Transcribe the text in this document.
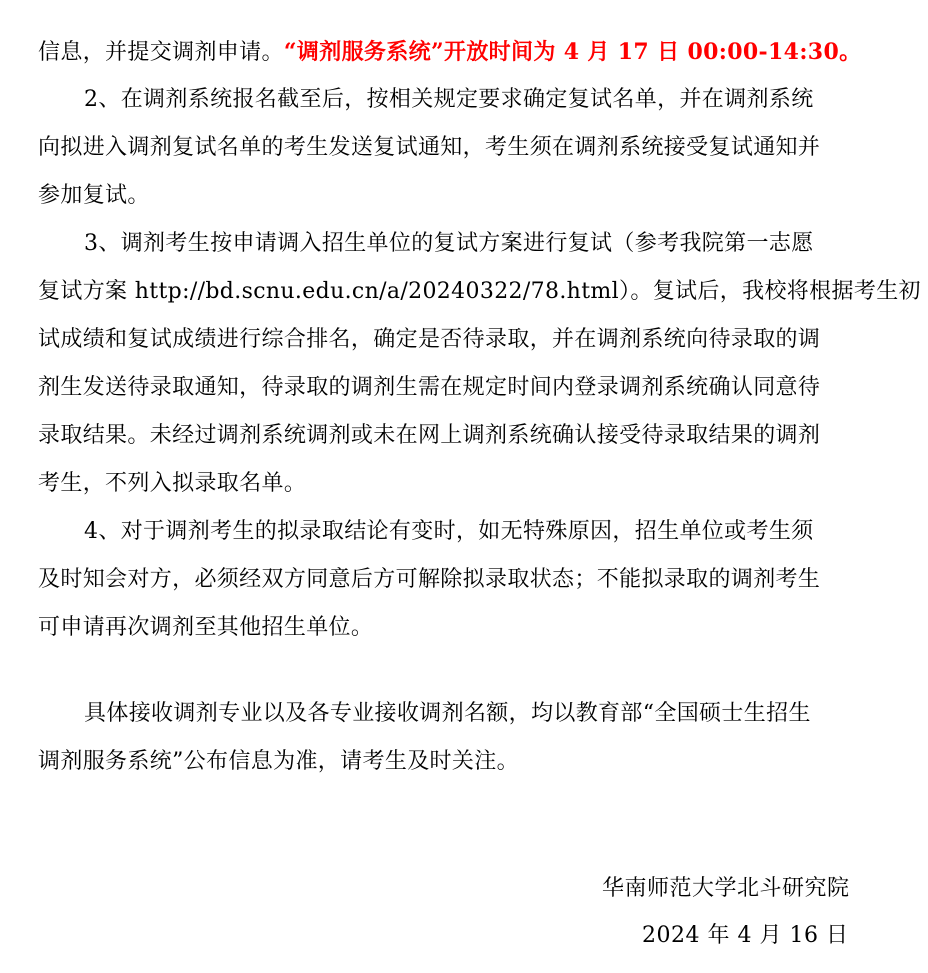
信息，并提交调剂申请。“调剂服务系统”开放时间为 4 月 17 日 00:00-14:30。
2、在调剂系统报名截至后，按相关规定要求确定复试名单，并在调剂系统
向拟进入调剂复试名单的考生发送复试通知，考生须在调剂系统接受复试通知并
参加复试。
3、调剂考生按申请调入招生单位的复试方案进行复试（参考我院第一志愿
复试方案 http://bd.scnu.edu.cn/a/20240322/78.html）。复试后，我校将根据考生初
试成绩和复试成绩进行综合排名，确定是否待录取，并在调剂系统向待录取的调
剂生发送待录取通知，待录取的调剂生需在规定时间内登录调剂系统确认同意待
录取结果。未经过调剂系统调剂或未在网上调剂系统确认接受待录取结果的调剂
考生，不列入拟录取名单。
4、对于调剂考生的拟录取结论有变时，如无特殊原因，招生单位或考生须
及时知会对方，必须经双方同意后方可解除拟录取状态；不能拟录取的调剂考生
可申请再次调剂至其他招生单位。
具体接收调剂专业以及各专业接收调剂名额，均以教育部“全国硕士生招生
调剂服务系统”公布信息为准，请考生及时关注。
华南师范大学北斗研究院
2024 年 4 月 16 日
